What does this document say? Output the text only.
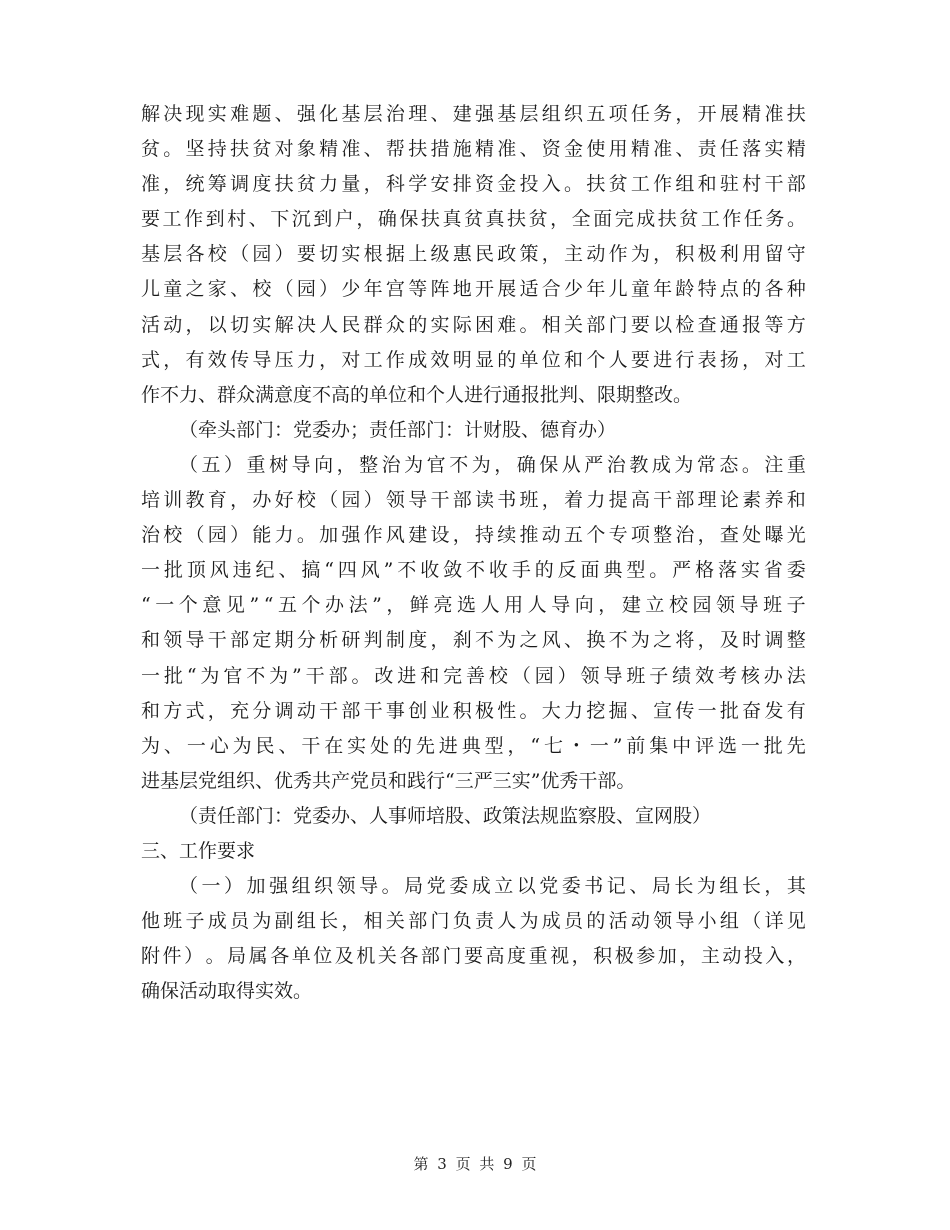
解 决 现 实 难 题 、 强 化 基 层 治 理 、 建 强 基 层 组 织 五 项 任 务 ， 开 展 精 准 扶
贫 。 坚 持 扶 贫 对 象 精 准 、 帮 扶 措 施 精 准 、 资 金 使 用 精 准 、 责 任 落 实 精
准 ， 统 筹 调 度 扶 贫 力 量 ， 科 学 安 排 资 金 投 入 。 扶 贫 工 作 组 和 驻 村 干 部
要 工 作 到 村 、 下 沉 到 户 ， 确 保 扶 真 贫 真 扶 贫 ， 全 面 完 成 扶 贫 工 作 任 务 。
基 层 各 校 （ 园 ） 要 切 实 根 据 上 级 惠 民 政 策 ， 主 动 作 为 ， 积 极 利 用 留 守
儿 童 之 家 、 校 （ 园 ） 少 年 宫 等 阵 地 开 展 适 合 少 年 儿 童 年 龄 特 点 的 各 种
活 动 ， 以 切 实 解 决 人 民 群 众 的 实 际 困 难 。 相 关 部 门 要 以 检 查 通 报 等 方
式 ， 有 效 传 导 压 力 ， 对 工 作 成 效 明 显 的 单 位 和 个 人 要 进 行 表 扬 ， 对 工
作不力、群众满意度不高的单位和个人进行通报批判、限期整改。
（牵头部门：党委办；责任部门：计财股、德育办）
（ 五 ） 重 树 导 向 ， 整 治 为 官 不 为 ， 确 保 从 严 治 教 成 为 常 态 。 注 重
培 训 教 育 ， 办 好 校 （ 园 ） 领 导 干 部 读 书 班 ， 着 力 提 高 干 部 理 论 素 养 和
治 校 （ 园 ） 能 力 。 加 强 作 风 建 设 ， 持 续 推 动 五 个 专 项 整 治 ， 查 处 曝 光
一 批 顶 风 违 纪 、 搞 “ 四 风 ” 不 收 敛 不 收 手 的 反 面 典 型 。 严 格 落 实 省 委
“ 一 个 意 见 ” “ 五 个 办 法 ” ， 鲜 亮 选 人 用 人 导 向 ， 建 立 校 园 领 导 班 子
和 领 导 干 部 定 期 分 析 研 判 制 度 ， 刹 不 为 之 风 、 换 不 为 之 将 ， 及 时 调 整
一 批 “ 为 官 不 为 ” 干 部 。 改 进 和 完 善 校 （ 园 ） 领 导 班 子 绩 效 考 核 办 法
和 方 式 ， 充 分 调 动 干 部 干 事 创 业 积 极 性 。 大 力 挖 掘 、 宣 传 一 批 奋 发 有
为 、 一 心 为 民 、 干 在 实 处 的 先 进 典 型 ， “ 七 ・ 一 ” 前 集 中 评 选 一 批 先
进基层党组织、优秀共产党员和践行“三严三实”优秀干部。
（责任部门：党委办、人事师培股、政策法规监察股、宣网股）
三、工作要求
（ 一 ） 加 强 组 织 领 导 。 局 党 委 成 立 以 党 委 书 记 、 局 长 为 组 长 ， 其
他 班 子 成 员 为 副 组 长 ， 相 关 部 门 负 责 人 为 成 员 的 活 动 领 导 小 组 （ 详 见
附 件 ） 。 局 属 各 单 位 及 机 关 各 部 门 要 高 度 重 视 ， 积 极 参 加 ， 主 动 投 入 ，
确保活动取得实效。
第 3 页 共 9 页
